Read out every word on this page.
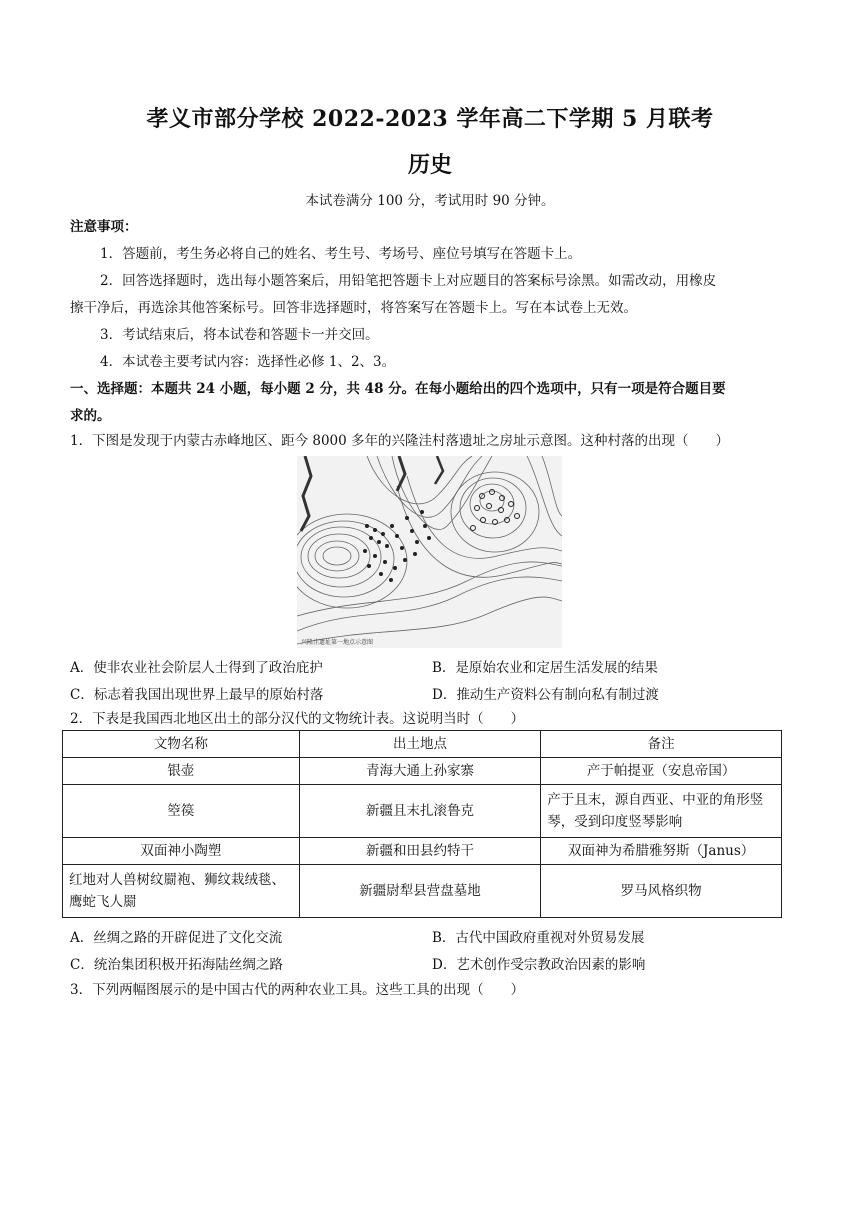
孝义市部分学校 2022-2023 学年高二下学期 5 月联考
历史
本试卷满分 100 分，考试用时 90 分钟。
注意事项：
1．答题前，考生务必将自己的姓名、考生号、考场号、座位号填写在答题卡上。
2．回答选择题时，选出每小题答案后，用铅笔把答题卡上对应题目的答案标号涂黑。如需改动，用橡皮
擦干净后，再选涂其他答案标号。回答非选择题时，将答案写在答题卡上。写在本试卷上无效。
3．考试结束后，将本试卷和答题卡一并交回。
4．本试卷主要考试内容：选择性必修 1、2、3。
一、选择题：本题共 24 小题，每小题 2 分，共 48 分。在每小题给出的四个选项中，只有一项是符合题目要
求的。
1．下图是发现于内蒙古赤峰地区、距今 8000 多年的兴隆洼村落遗址之房址示意图。这种村落的出现（　　）
兴隆洼遗址第一地点示意图
A．使非农业社会阶层人士得到了政治庇护	B．是原始农业和定居生活发展的结果
C．标志着我国出现世界上最早的原始村落	D．推动生产资料公有制向私有制过渡
2．下表是我国西北地区出土的部分汉代的文物统计表。这说明当时（　　）
文物名称	出土地点	备注
银壶	青海大通上孙家寨	产于帕提亚（安息帝国）
箜篌	新疆且末扎滚鲁克	产于且末，源自西亚、中亚的角形竖琴，受到印度竖琴影响
双面神小陶塑	新疆和田县约特干	双面神为希腊雅努斯（Janus）
红地对人兽树纹罽袍、狮纹栽绒毯、鹰蛇飞人罽	新疆尉犁县营盘墓地	罗马风格织物
A．丝绸之路的开辟促进了文化交流	B．古代中国政府重视对外贸易发展
C．统治集团积极开拓海陆丝绸之路	D．艺术创作受宗教政治因素的影响
3．下列两幅图展示的是中国古代的两种农业工具。这些工具的出现（　　）
